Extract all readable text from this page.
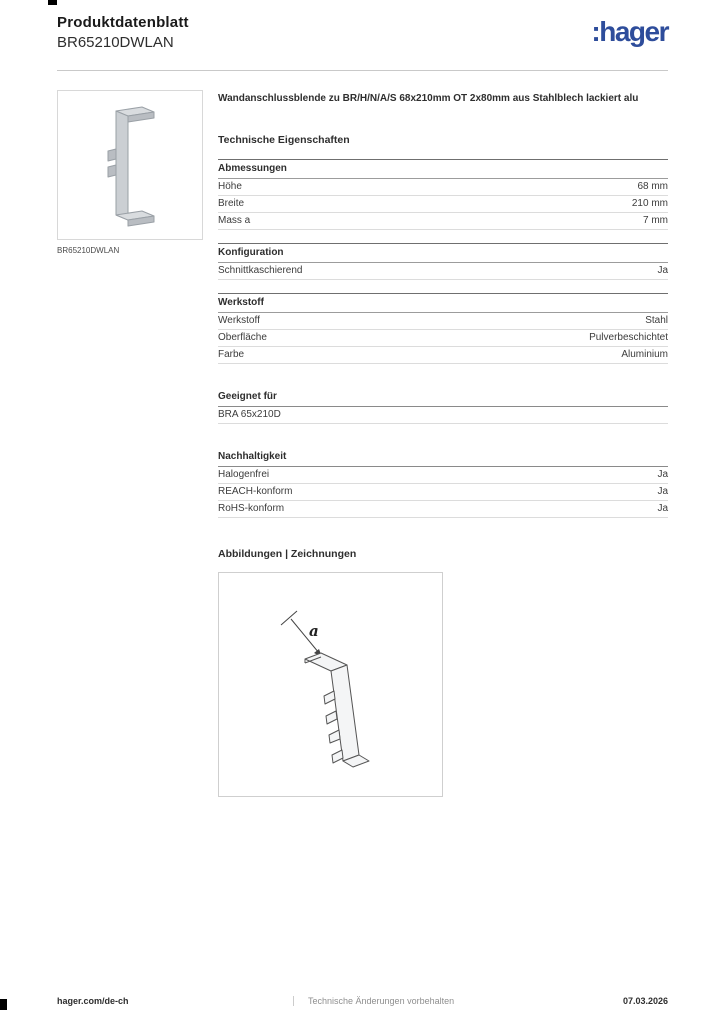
Produktdatenblatt
BR65210DWLAN	:hager
BR65210DWLAN
Wandanschlussblende zu BR/H/N/A/S 68x210mm OT 2x80mm aus Stahlblech lackiert alu
Technische Eigenschaften
Abmessungen
Höhe	68 mm
Breite	210 mm
Mass a	7 mm
Konfiguration
Schnittkaschierend	Ja
Werkstoff
Werkstoff	Stahl
Oberfläche	Pulverbeschichtet
Farbe	Aluminium
Geeignet für
BRA 65x210D
Nachhaltigkeit
Halogenfrei	Ja
REACH-konform	Ja
RoHS-konform	Ja
Abbildungen | Zeichnungen
a
hager.com/de-ch	Technische Änderungen vorbehalten	07.03.2026
